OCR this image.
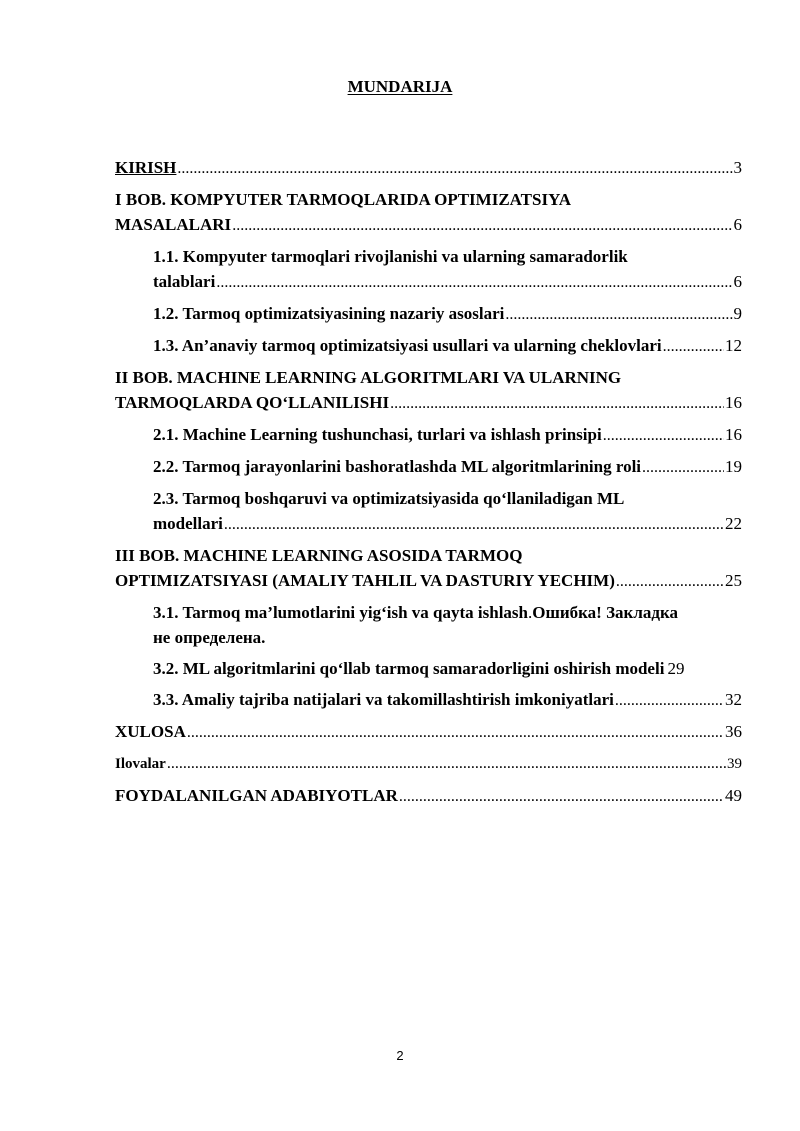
MUNDARIJA
KIRISH .....	3
I BOB. KOMPYUTER TARMOQLARIDA OPTIMIZATSIYA
MASALALARI .....	6
1.1. Kompyuter tarmoqlari rivojlanishi va ularning samaradorlik
talablari .....	6
1.2. Tarmoq optimizatsiyasining nazariy asoslari .....	9
1.3. An’anaviy tarmoq optimizatsiyasi usullari va ularning cheklovlari .....	12
II BOB. MACHINE LEARNING ALGORITMLARI VA ULARNING
TARMOQLARDA QO‘LLANILISHI .....	16
2.1. Machine Learning tushunchasi, turlari va ishlash prinsipi .....	16
2.2. Tarmoq jarayonlarini bashoratlashda ML algoritmlarining roli .....	19
2.3. Tarmoq boshqaruvi va optimizatsiyasida qo‘llaniladigan ML
modellari .....	22
III BOB. MACHINE LEARNING ASOSIDA TARMOQ
OPTIMIZATSIYASI (AMALIY TAHLIL VA DASTURIY YECHIM) .....	25
3.1. Tarmoq ma’lumotlarini yig‘ish va qayta ishlash . Ошибка! Закладка
не определена.
3.2. ML algoritmlarini qo‘llab tarmoq samaradorligini oshirish modeli 29
3.3. Amaliy tajriba natijalari va takomillashtirish imkoniyatlari .....	32
XULOSA .....	36
Ilovalar .....	39
FOYDALANILGAN ADABIYOTLAR .....	49
2
